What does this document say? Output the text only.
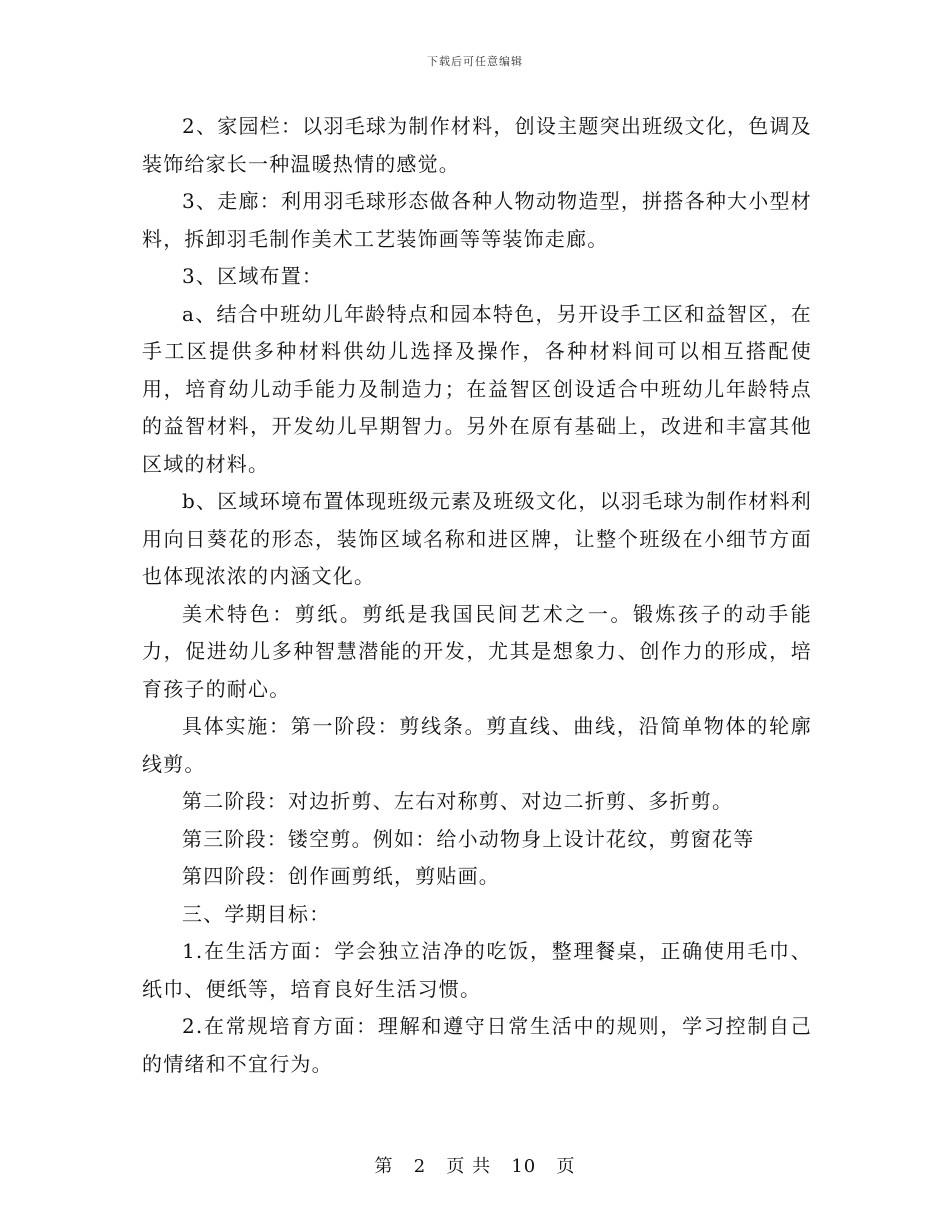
下载后可任意编辑

2、家园栏：以羽毛球为制作材料，创设主题突出班级文化，色调及装饰给家长一种温暖热情的感觉。

3、走廊：利用羽毛球形态做各种人物动物造型，拼搭各种大小型材料，拆卸羽毛制作美术工艺装饰画等等装饰走廊。

3、区域布置：

a、结合中班幼儿年龄特点和园本特色，另开设手工区和益智区，在手工区提供多种材料供幼儿选择及操作，各种材料间可以相互搭配使用，培育幼儿动手能力及制造力；在益智区创设适合中班幼儿年龄特点的益智材料，开发幼儿早期智力。另外在原有基础上，改进和丰富其他区域的材料。

b、区域环境布置体现班级元素及班级文化，以羽毛球为制作材料利用向日葵花的形态，装饰区域名称和进区牌，让整个班级在小细节方面也体现浓浓的内涵文化。

美术特色：剪纸。剪纸是我国民间艺术之一。锻炼孩子的动手能力，促进幼儿多种智慧潜能的开发，尤其是想象力、创作力的形成，培育孩子的耐心。

具体实施：第一阶段：剪线条。剪直线、曲线，沿简单物体的轮廓线剪。

第二阶段：对边折剪、左右对称剪、对边二折剪、多折剪。

第三阶段：镂空剪。例如：给小动物身上设计花纹，剪窗花等

第四阶段：创作画剪纸，剪贴画。

三、学期目标：

1.在生活方面：学会独立洁净的吃饭，整理餐桌，正确使用毛巾、纸巾、便纸等，培育良好生活习惯。

2.在常规培育方面：理解和遵守日常生活中的规则，学习控制自己的情绪和不宜行为。

第 2 页 共 10 页
